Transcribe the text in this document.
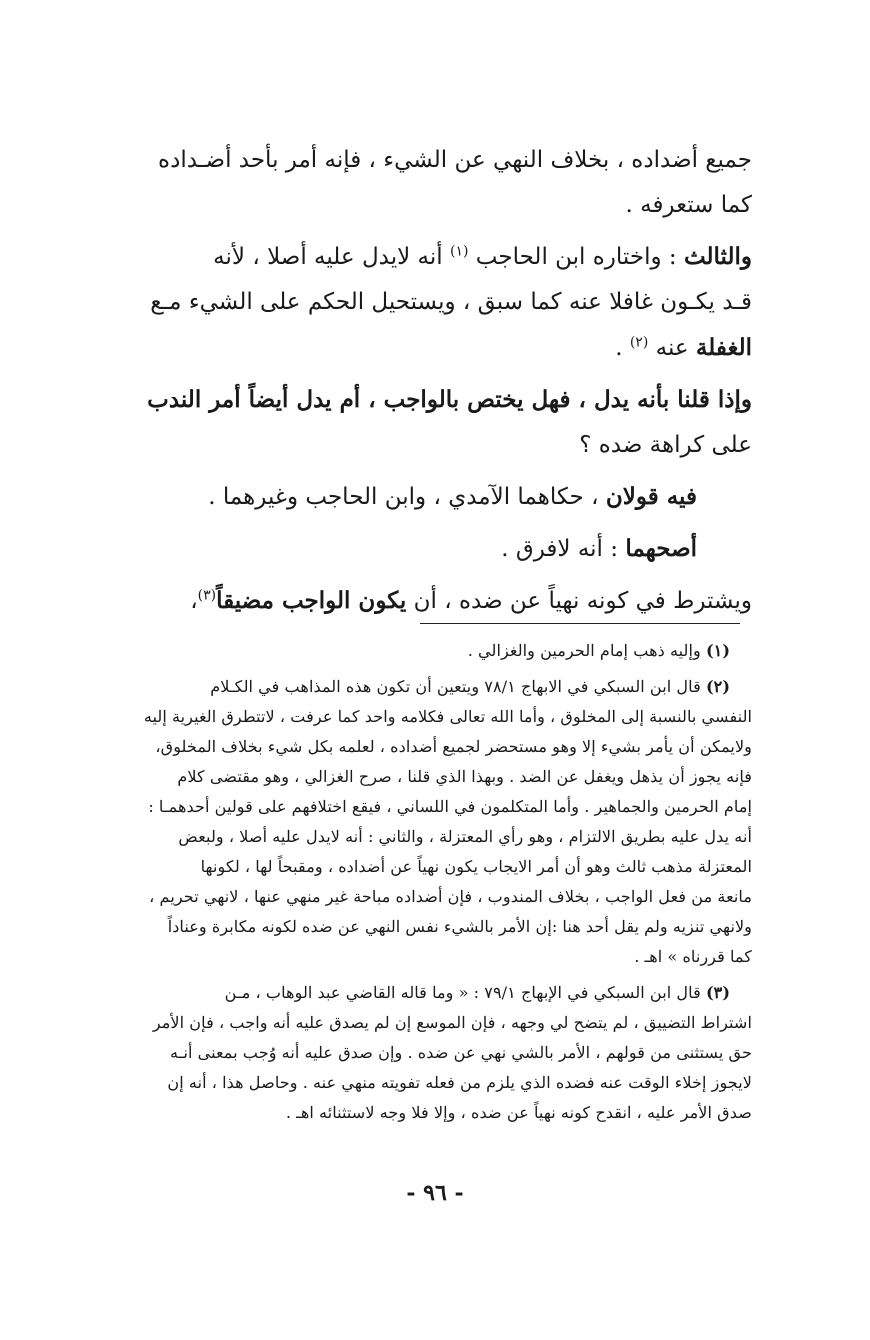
جميع أضداده ، بخلاف النهي عن الشيء ، فإنه أمر بأحد أضـداده

كما ستعرفه .

والثالث : واختاره ابن الحاجب $^{(١)}$ أنه لايدل عليه أصلا ، لأنه

قـد يكـون غافلا عنه كما سبق ، ويستحيل الحكم على الشيء مـع

الغفلة عنه $^{(٢)}$ .

وإذا قلنا بأنه يدل ، فهل يختص بالواجب ، أم يدل أيضاً أمر الندب

على كراهة ضده ؟

فيه قولان ، حكاهما الآمدي ، وابن الحاجب وغيرهما .

أصحهما : أنه لافرق .

ويشترط في كونه نهياً عن ضده ، أن يكون الواجب مضيقاً$^{(٣)}$،

(١) وإليه ذهب إمام الحرمين والغزالي .

(٢) قال ابن السبكي في الابهاج ٧٨/١ ويتعين أن تكون هذه المذاهب في الكـلام

النفسي بالنسبة إلى المخلوق ، وأما الله تعالى فكلامه واحد كما عرفت ، لاتتطرق الغيرية إليه

ولايمكن أن يأمر بشيء إلا وهو مستحضر لجميع أضداده ، لعلمه بكل شيء بخلاف المخلوق،

فإنه يجوز أن يذهل ويغفل عن الضد . وبهذا الذي قلنا ، صرح الغزالي ، وهو مقتضى كلام

إمام الحرمين والجماهير . وأما المتكلمون في اللساني ، فيقع اختلافهم على قولين أحدهمـا :

أنه يدل عليه بطريق الالتزام ، وهو رأي المعتزلة ، والثاني : أنه لايدل عليه أصلا ، ولبعض

المعتزلة مذهب ثالث وهو أن أمر الايجاب يكون نهياً عن أضداده ، ومقبحاً لها ، لكونها

مانعة من فعل الواجب ، بخلاف المندوب ، فإن أضداده مباحة غير منهي عنها ، لانهي تحريم ،

ولانهي تنزيه ولم يقل أحد هنا :إن الأمر بالشيء نفس النهي عن ضده لكونه مكابرة وعناداً

كما قررناه » اهـ .

(٣) قال ابن السبكي في الإبهاج ٧٩/١ : « وما قاله القاضي عبد الوهاب ، مـن

اشتراط التضييق ، لم يتضح لي وجهه ، فإن الموسع إن لم يصدق عليه أنه واجب ، فإن الأمر

حق يستثنى من قولهم ، الأمر بالشي نهي عن ضده . وإن صدق عليه أنه وُجب بمعنى أنـه

لايجوز إخلاء الوقت عنه فضده الذي يلزم من فعله تفويته منهي عنه . وحاصل هذا ، أنه إن

صدق الأمر عليه ، انقدح كونه نهياً عن ضده ، وإلا فلا وجه لاستثنائه اهـ .

- ٩٦ -
